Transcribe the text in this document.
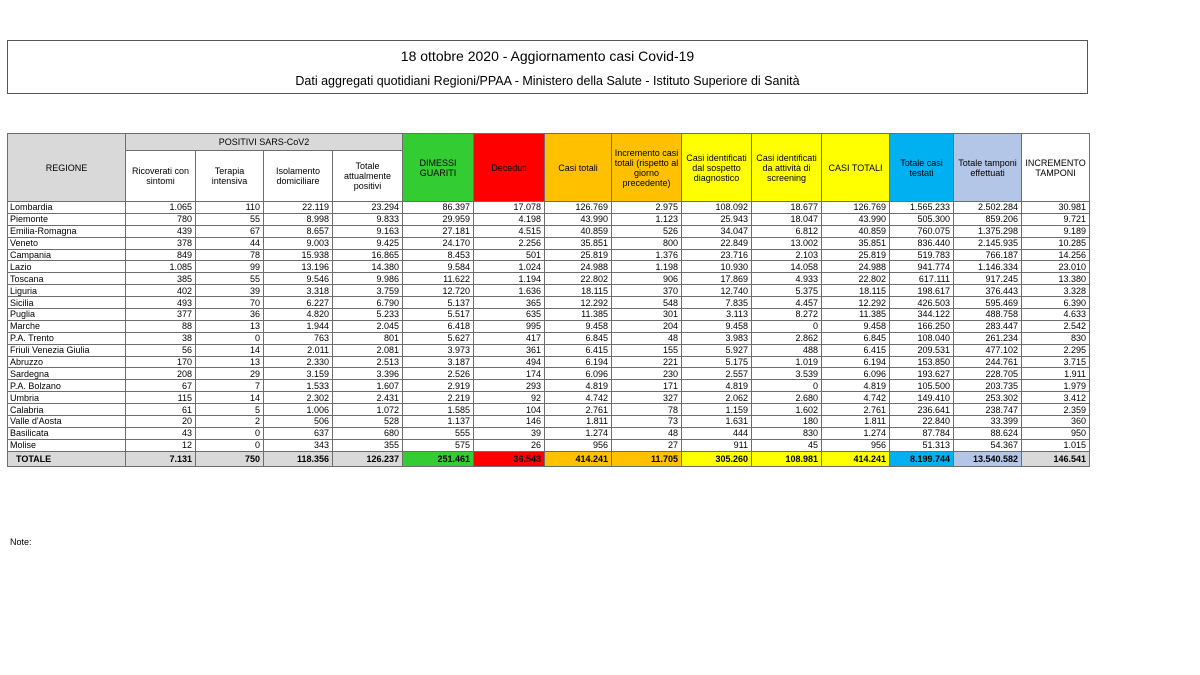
18 ottobre 2020 - Aggiornamento casi Covid-19
Dati aggregati quotidiani Regioni/PPAA - Ministero della Salute - Istituto Superiore di Sanità
REGIONE	POSITIVI SARS-CoV2				DIMESSI GUARITI	Deceduti	Casi totali	Incremento casi totali (rispetto al giorno precedente)	Casi identificati dal sospetto diagnostico	Casi identificati da attività di screening	CASI TOTALI	Totale casi testati	Totale tamponi effettuati	INCREMENTO TAMPONI
	Ricoverati con sintomi	Terapia intensiva	Isolamento domiciliare	Totale attualmente positivi										
Lombardia	1.065	110	22.119	23.294	86.397	17.078	126.769	2.975	108.092	18.677	126.769	1.565.233	2.502.284	30.981
Piemonte	780	55	8.998	9.833	29.959	4.198	43.990	1.123	25.943	18.047	43.990	505.300	859.206	9.721
Emilia-Romagna	439	67	8.657	9.163	27.181	4.515	40.859	526	34.047	6.812	40.859	760.075	1.375.298	9.189
Veneto	378	44	9.003	9.425	24.170	2.256	35.851	800	22.849	13.002	35.851	836.440	2.145.935	10.285
Campania	849	78	15.938	16.865	8.453	501	25.819	1.376	23.716	2.103	25.819	519.783	766.187	14.256
Lazio	1.085	99	13.196	14.380	9.584	1.024	24.988	1.198	10.930	14.058	24.988	941.774	1.146.334	23.010
Toscana	385	55	9.546	9.986	11.622	1.194	22.802	906	17.869	4.933	22.802	617.111	917.245	13.380
Liguria	402	39	3.318	3.759	12.720	1.636	18.115	370	12.740	5.375	18.115	198.617	376.443	3.328
Sicilia	493	70	6.227	6.790	5.137	365	12.292	548	7.835	4.457	12.292	426.503	595.469	6.390
Puglia	377	36	4.820	5.233	5.517	635	11.385	301	3.113	8.272	11.385	344.122	488.758	4.633
Marche	88	13	1.944	2.045	6.418	995	9.458	204	9.458	0	9.458	166.250	283.447	2.542
P.A. Trento	38	0	763	801	5.627	417	6.845	48	3.983	2.862	6.845	108.040	261.234	830
Friuli Venezia Giulia	56	14	2.011	2.081	3.973	361	6.415	155	5.927	488	6.415	209.531	477.102	2.295
Abruzzo	170	13	2.330	2.513	3.187	494	6.194	221	5.175	1.019	6.194	153.850	244.761	3.715
Sardegna	208	29	3.159	3.396	2.526	174	6.096	230	2.557	3.539	6.096	193.627	228.705	1.911
P.A. Bolzano	67	7	1.533	1.607	2.919	293	4.819	171	4.819	0	4.819	105.500	203.735	1.979
Umbria	115	14	2.302	2.431	2.219	92	4.742	327	2.062	2.680	4.742	149.410	253.302	3.412
Calabria	61	5	1.006	1.072	1.585	104	2.761	78	1.159	1.602	2.761	236.641	238.747	2.359
Valle d'Aosta	20	2	506	528	1.137	146	1.811	73	1.631	180	1.811	22.840	33.399	360
Basilicata	43	0	637	680	555	39	1.274	48	444	830	1.274	87.784	88.624	950
Molise	12	0	343	355	575	26	956	27	911	45	956	51.313	54.367	1.015
TOTALE	7.131	750	118.356	126.237	251.461	36.543	414.241	11.705	305.260	108.981	414.241	8.199.744	13.540.582	146.541
Note:
